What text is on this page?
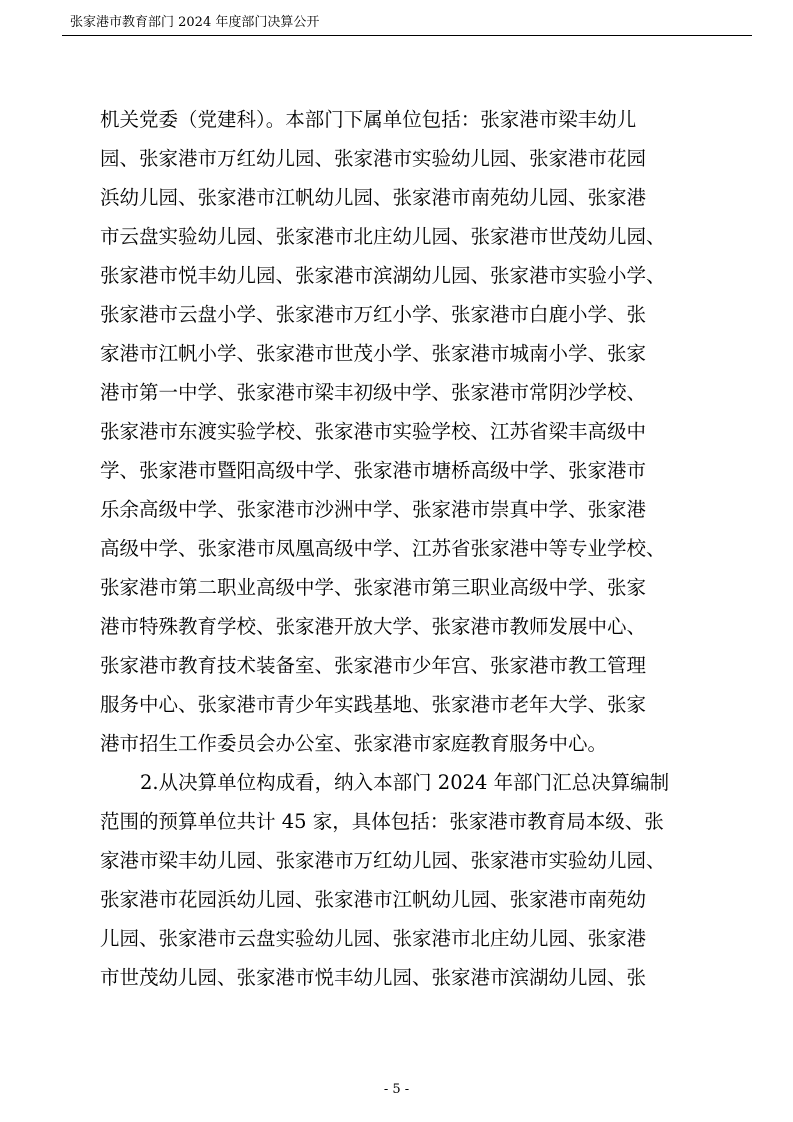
张家港市教育部门 2024 年度部门决算公开
机关党委（党建科）。本部门下属单位包括：张家港市梁丰幼儿
园、张家港市万红幼儿园、张家港市实验幼儿园、张家港市花园
浜幼儿园、张家港市江帆幼儿园、张家港市南苑幼儿园、张家港
市云盘实验幼儿园、张家港市北庄幼儿园、张家港市世茂幼儿园、
张家港市悦丰幼儿园、张家港市滨湖幼儿园、张家港市实验小学、
张家港市云盘小学、张家港市万红小学、张家港市白鹿小学、张
家港市江帆小学、张家港市世茂小学、张家港市城南小学、张家
港市第一中学、张家港市梁丰初级中学、张家港市常阴沙学校、
张家港市东渡实验学校、张家港市实验学校、江苏省梁丰高级中
学、张家港市暨阳高级中学、张家港市塘桥高级中学、张家港市
乐余高级中学、张家港市沙洲中学、张家港市崇真中学、张家港
高级中学、张家港市凤凰高级中学、江苏省张家港中等专业学校、
张家港市第二职业高级中学、张家港市第三职业高级中学、张家
港市特殊教育学校、张家港开放大学、张家港市教师发展中心、
张家港市教育技术装备室、张家港市少年宫、张家港市教工管理
服务中心、张家港市青少年实践基地、张家港市老年大学、张家
港市招生工作委员会办公室、张家港市家庭教育服务中心。
2.从决算单位构成看，纳入本部门 2024 年部门汇总决算编制
范围的预算单位共计 45 家，具体包括：张家港市教育局本级、张
家港市梁丰幼儿园、张家港市万红幼儿园、张家港市实验幼儿园、
张家港市花园浜幼儿园、张家港市江帆幼儿园、张家港市南苑幼
儿园、张家港市云盘实验幼儿园、张家港市北庄幼儿园、张家港
市世茂幼儿园、张家港市悦丰幼儿园、张家港市滨湖幼儿园、张
- 5 -
